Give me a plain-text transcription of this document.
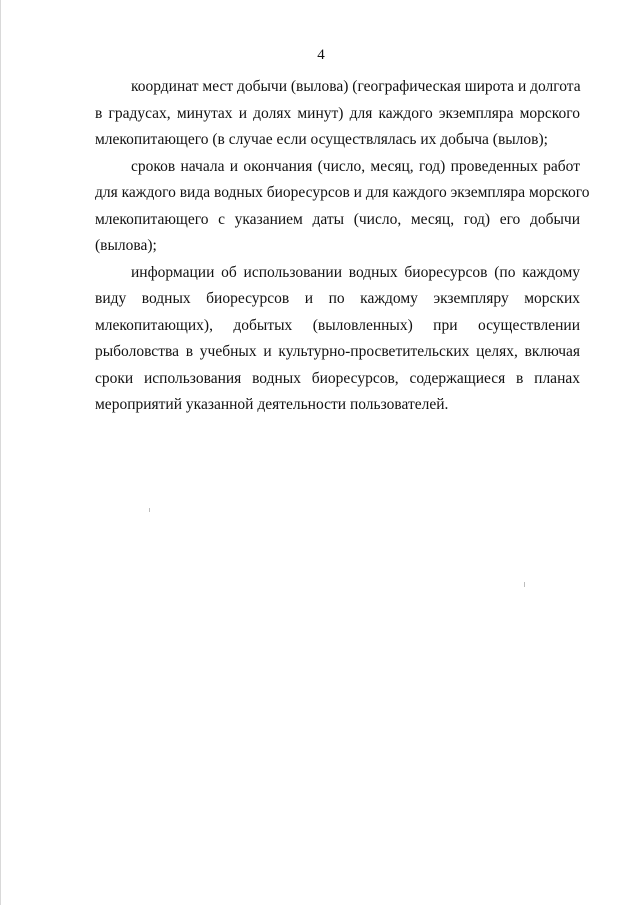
4

координат мест добычи (вылова) (географическая широта и долгота
в градусах, минутах и долях минут) для каждого экземпляра морского
млекопитающего (в случае если осуществлялась их добыча (вылов);

сроков начала и окончания (число, месяц, год) проведенных работ
для каждого вида водных биоресурсов и для каждого экземпляра морского
млекопитающего с указанием даты (число, месяц, год) его добычи
(вылова);

информации об использовании водных биоресурсов (по каждому
виду водных биоресурсов и по каждому экземпляру морских
млекопитающих), добытых (выловленных) при осуществлении
рыболовства в учебных и культурно-просветительских целях, включая
сроки использования водных биоресурсов, содержащиеся в планах
мероприятий указанной деятельности пользователей.
